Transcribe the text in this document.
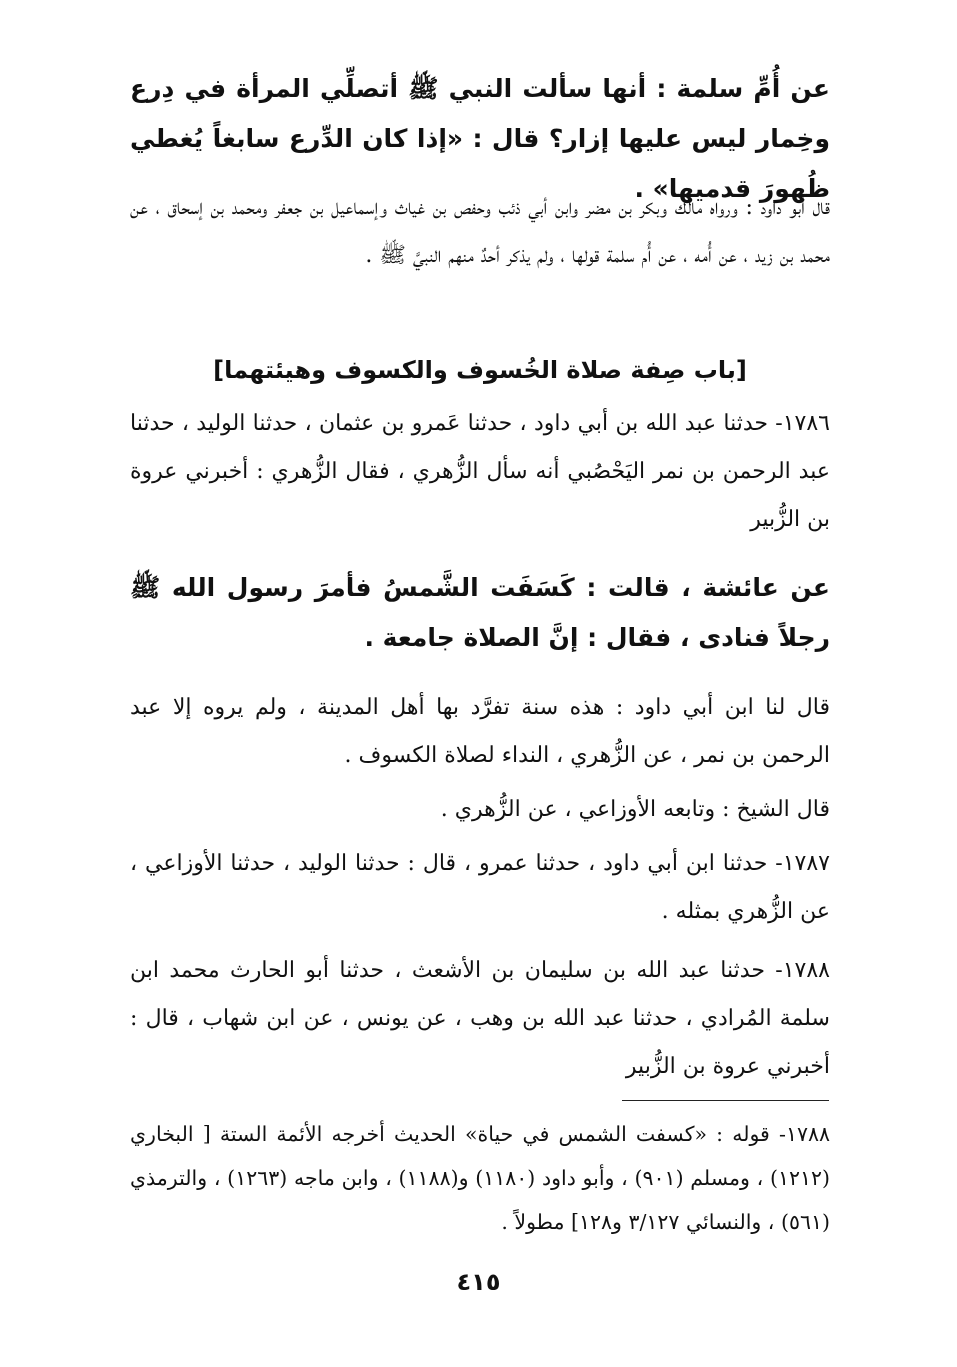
عن أُمِّ سلمة : أنها سألت النبي ﷺ أتصلِّي المرأة في دِرع وخِمار ليس عليها إزار؟ قال : «إذا كان الدِّرع سابغاً يُغطي ظُهورَ قدميها» .

قال أبو داود : ورواه مالك وبكر بن مضر وابن أبي ذئب وحفص بن غياث وإسماعيل بن جعفر ومحمد بن إسحاق ، عن محمد بن زيد ، عن أُمه ، عن أُم سلمة قولها ، ولم يذكر أحدٌ منهم النبيَّ ﷺ .

[باب صِفة صلاة الخُسوف والكسوف وهيئتهما]

١٧٨٦- حدثنا عبد الله بن أبي داود ، حدثنا عَمرو بن عثمان ، حدثنا الوليد ، حدثنا عبد الرحمن بن نمر اليَحْصُبي أنه سأل الزُّهري ، فقال الزُّهري : أخبرني عروة بن الزُّبير

عن عائشة ، قالت : كَسَفَت الشَّمسُ فأمرَ رسول الله ﷺ رجلاً فنادى ، فقال : إنَّ الصلاة جامعة .

قال لنا ابن أبي داود : هذه سنة تفرَّد بها أهل المدينة ، ولم يروه إلا عبد الرحمن بن نمر ، عن الزُّهري ، النداء لصلاة الكسوف .

قال الشيخ : وتابعه الأوزاعي ، عن الزُّهري .

١٧٨٧- حدثنا ابن أبي داود ، حدثنا عمرو ، قال : حدثنا الوليد ، حدثنا الأوزاعي ، عن الزُّهري بمثله .

١٧٨٨- حدثنا عبد الله بن سليمان بن الأشعث ، حدثنا أبو الحارث محمد ابن سلمة المُرادي ، حدثنا عبد الله بن وهب ، عن يونس ، عن ابن شهاب ، قال : أخبرني عروة بن الزُّبير

١٧٨٨- قوله : «كسفت الشمس في حياة» الحديث أخرجه الأئمة الستة [ البخاري (١٢١٢) ، ومسلم (٩٠١) ، وأبو داود (١١٨٠) و(١١٨٨) ، وابن ماجه (١٢٦٣) ، والترمذي (٥٦١) ، والنسائي ٣/١٢٧ و١٢٨] مطولاً .

٤١٥
